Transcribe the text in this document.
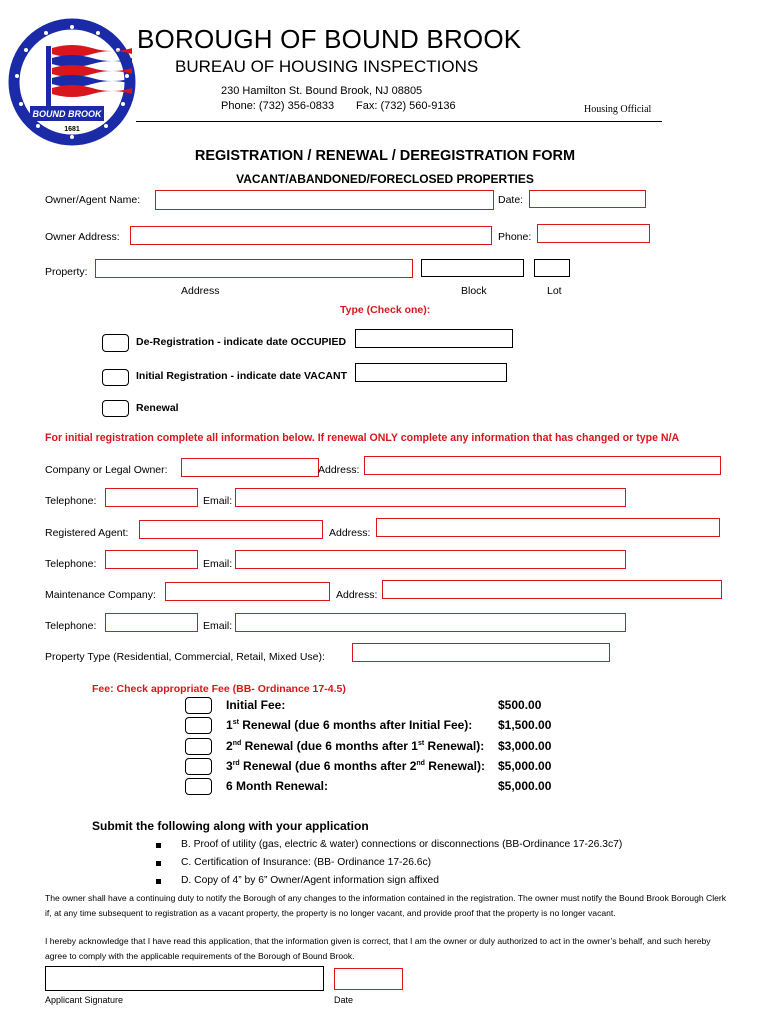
BOUND BROOK
1681
BOROUGH OF BOUND BROOK
BUREAU OF HOUSING INSPECTIONS
230 Hamilton St. Bound Brook, NJ 08805
Phone: (732) 356-0833 Fax: (732) 560-9136	Housing Official
REGISTRATION / RENEWAL / DEREGISTRATION FORM
VACANT/ABANDONED/FORECLOSED PROPERTIES
Owner/Agent Name:	Date:
Owner Address:	Phone:
Property:
Address	Block	Lot
Type (Check one):
De-Registration - indicate date OCCUPIED
Initial Registration - indicate date VACANT
Renewal
For initial registration complete all information below. If renewal ONLY complete any information that has changed or type N/A
Company or Legal Owner:	Address:
Telephone:	Email:
Registered Agent:	Address:
Telephone:	Email:
Maintenance Company:	Address:
Telephone:	Email:
Property Type (Residential, Commercial, Retail, Mixed Use):
Fee: Check appropriate Fee (BB- Ordinance 17-4.5)
Initial Fee:	$500.00
1st Renewal (due 6 months after Initial Fee): $1,500.00
2nd Renewal (due 6 months after 1st Renewal): $3,000.00
3rd Renewal (due 6 months after 2nd Renewal): $5,000.00
6 Month Renewal:	$5,000.00
Submit the following along with your application
B. Proof of utility (gas, electric & water) connections or disconnections (BB-Ordinance 17-26.3c7)
C. Certification of Insurance: (BB- Ordinance 17-26.6c)
D. Copy of 4” by 6” Owner/Agent information sign affixed
The owner shall have a continuing duty to notify the Borough of any changes to the information contained in the registration. The owner must notify the Bound Brook Borough Clerk if, at any time subsequent to registration as a vacant property, the property is no longer vacant, and provide proof that the property is no longer vacant.
I hereby acknowledge that I have read this application, that the information given is correct, that I am the owner or duly authorized to act in the owner’s behalf, and such hereby agree to comply with the applicable requirements of the Borough of Bound Brook.
Applicant Signature	Date
